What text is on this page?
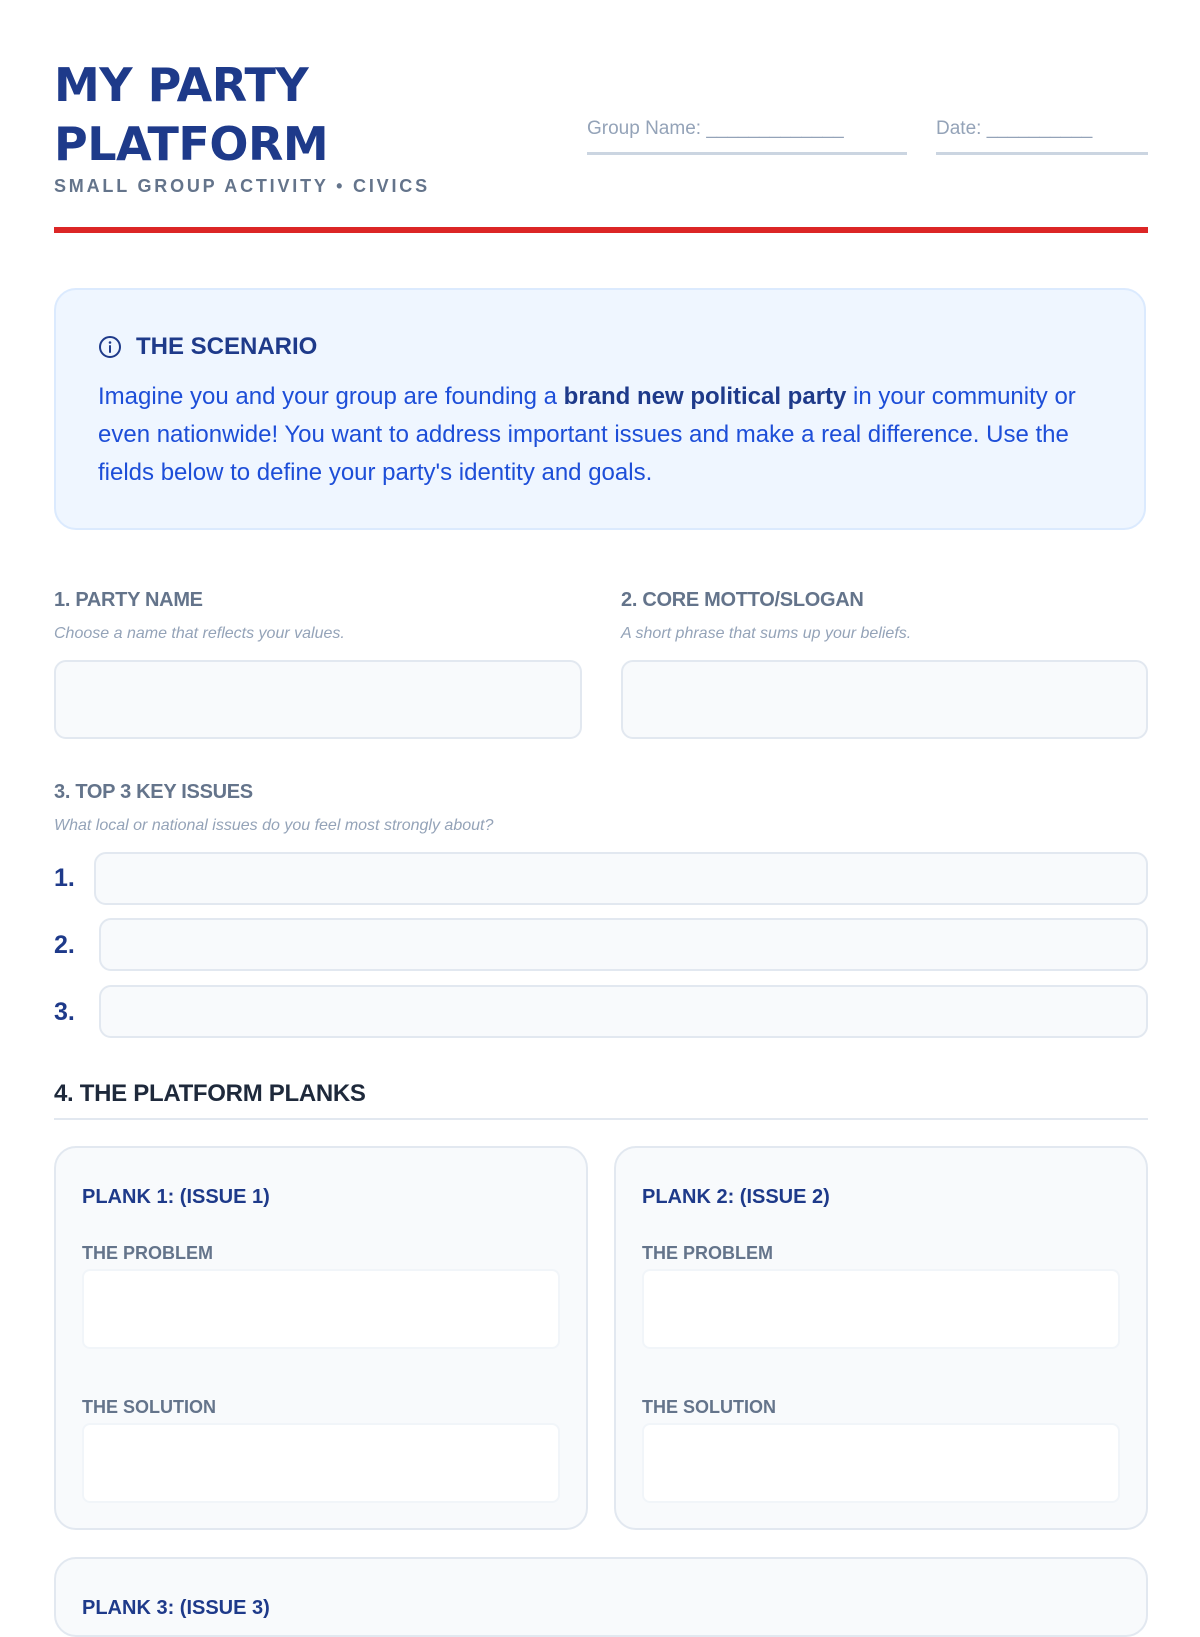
MY PARTY
PLATFORM
SMALL GROUP ACTIVITY • CIVICS
Group Name: _____________	Date: __________
THE SCENARIO
Imagine you and your group are founding a brand new political party in your community or even nationwide! You want to address important issues and make a real difference. Use the fields below to define your party's identity and goals.
1. PARTY NAME
Choose a name that reflects your values.
2. CORE MOTTO/SLOGAN
A short phrase that sums up your beliefs.
3. TOP 3 KEY ISSUES
What local or national issues do you feel most strongly about?
1.
2.
3.
4. THE PLATFORM PLANKS
PLANK 1: (ISSUE 1)
THE PROBLEM
THE SOLUTION
PLANK 2: (ISSUE 2)
THE PROBLEM
THE SOLUTION
PLANK 3: (ISSUE 3)
